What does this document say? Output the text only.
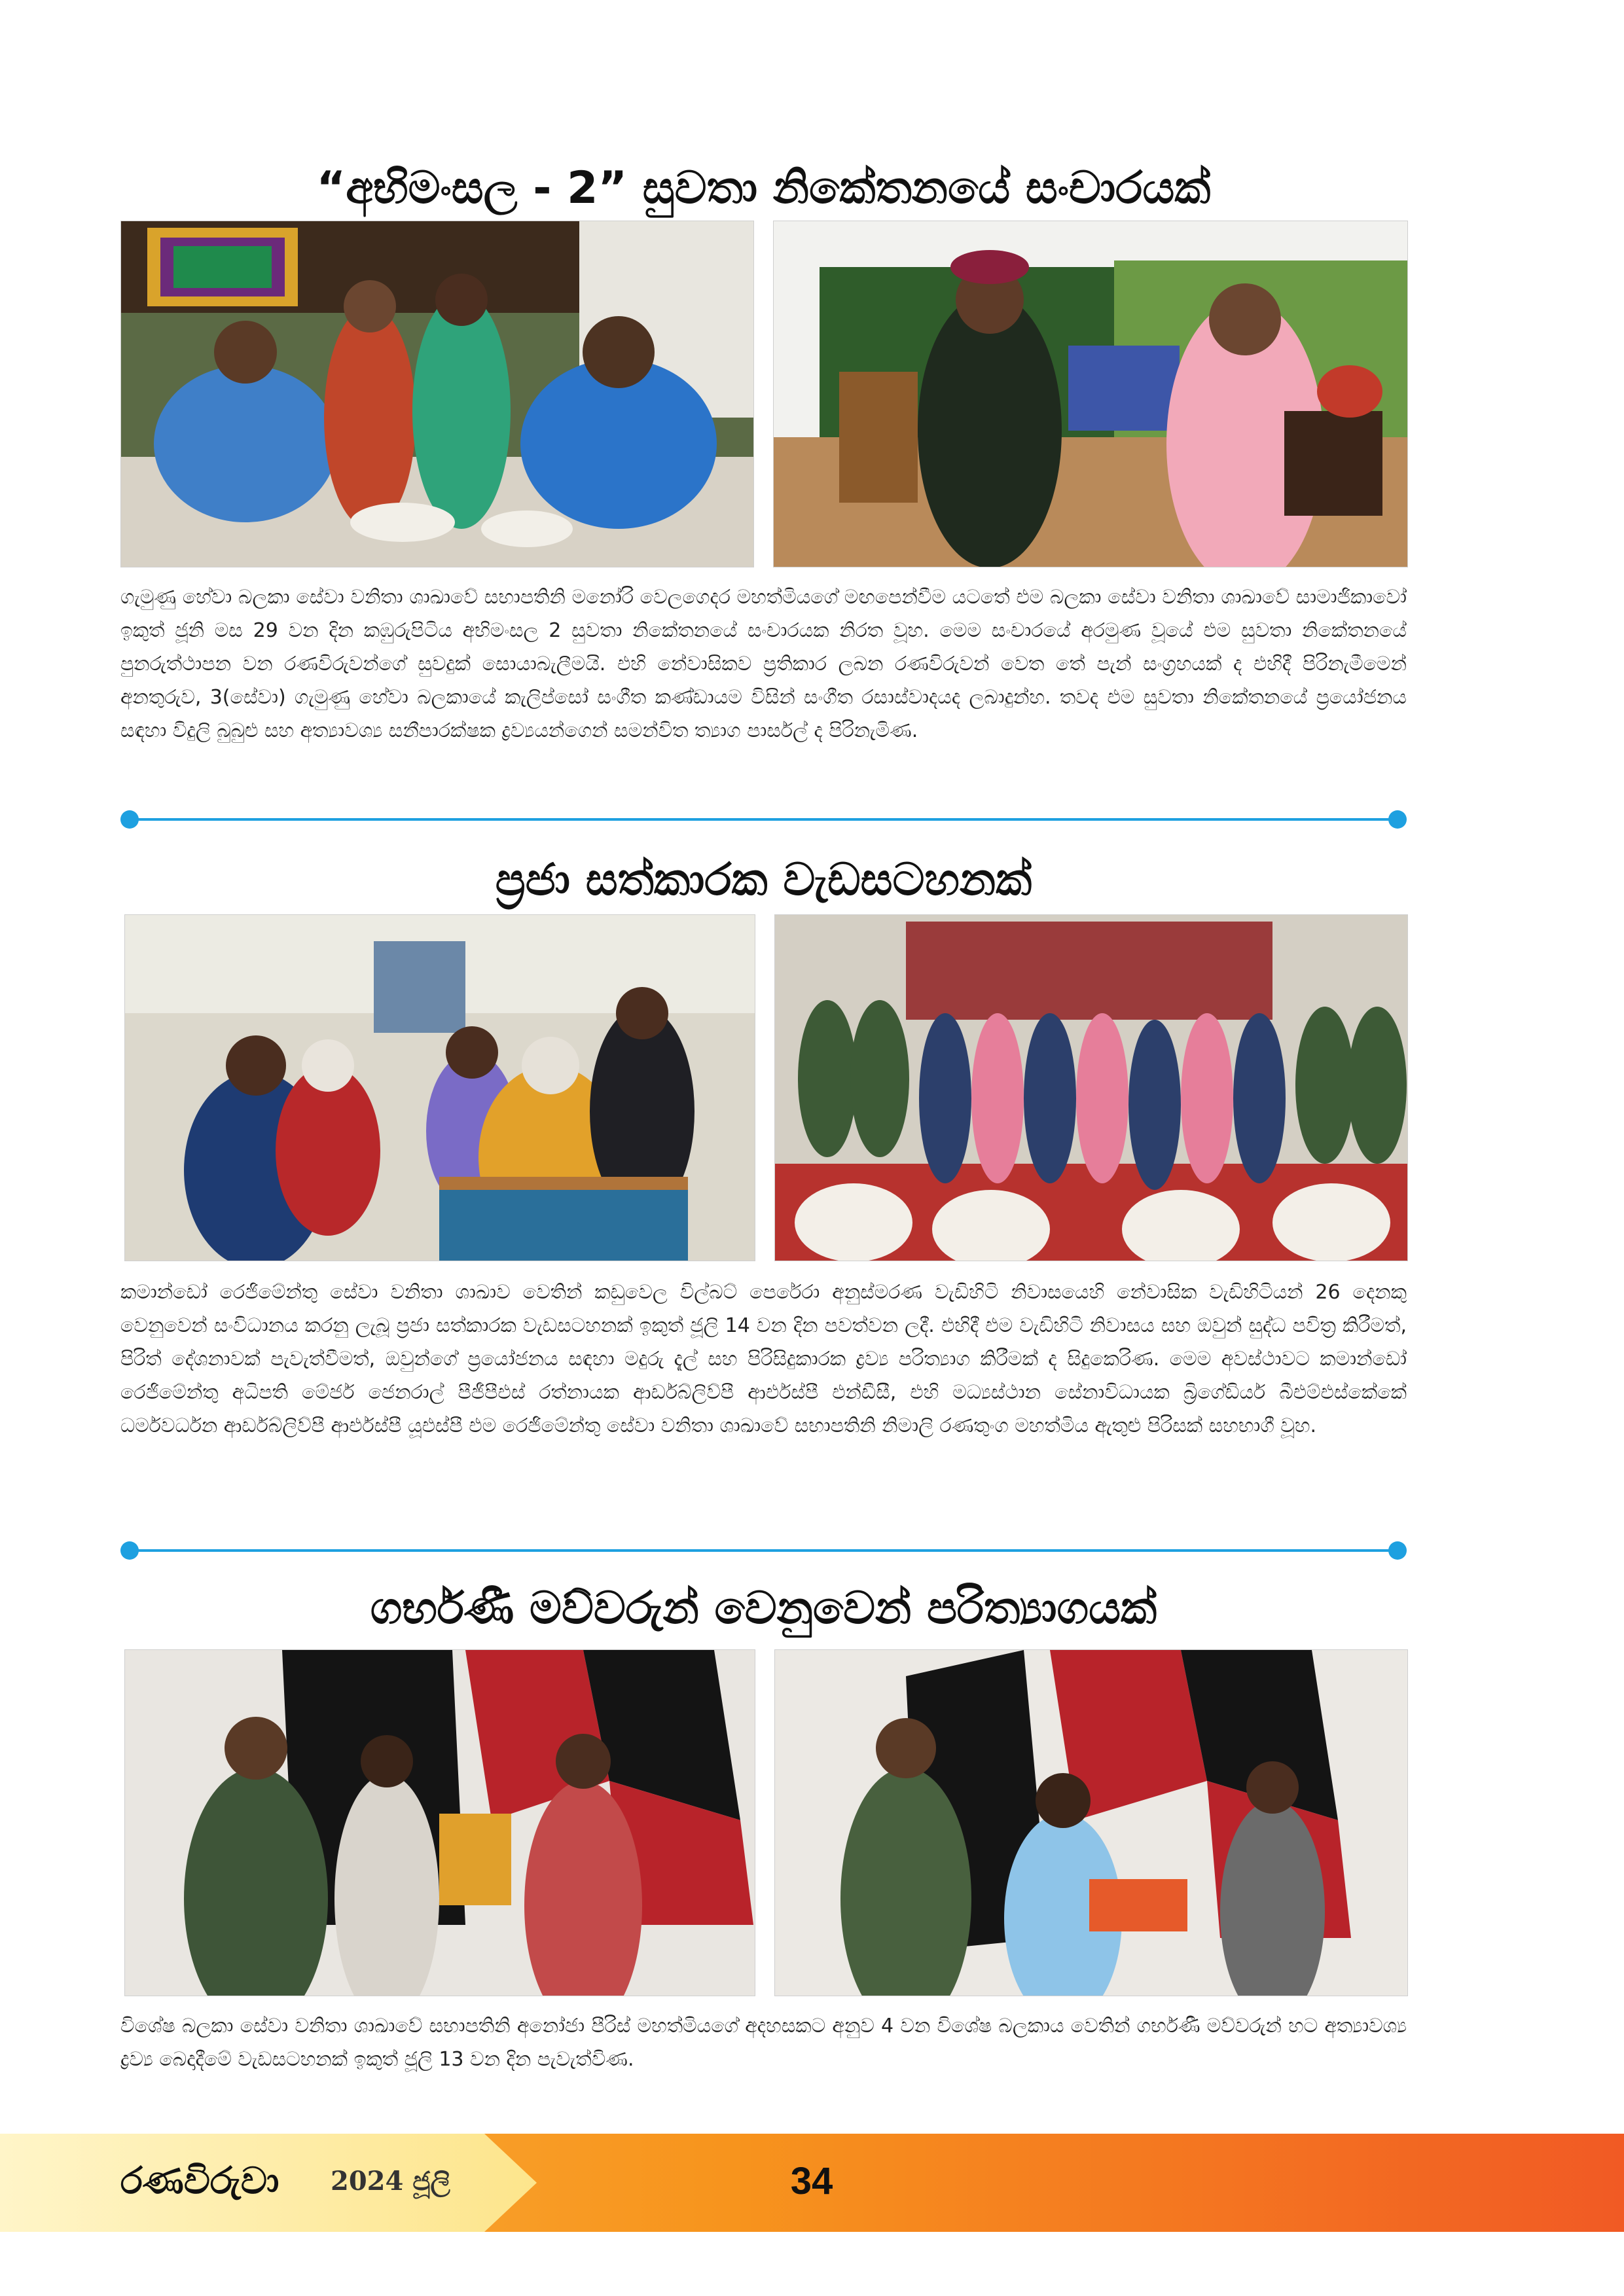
“අභිමංසල - 2” සුවතා නිකේතනයේ සංචාරයක්
ගැමුණු හේවා බලකා සේවා වනිතා ශාඛාවේ සභාපතිනි මනෝරි වෙලගෙදර මහත්මියගේ මඟපෙන්වීම යටතේ එම බලකා සේවා වනිතා ශාඛාවේ සාමාජිකාවෝ ඉකුත් ජූනි මස 29 වන දින කඹුරුපිටිය අභිමංසල 2 සුවතා නිකේතනයේ සංචාරයක නිරත වූහ. මෙම සංචාරයේ අරමුණ වූයේ එම සුවතා නිකේතනයේ පුනරුත්ථාපන වන රණවිරුවන්ගේ සුවදුක් සොයාබැලීමයි. එහි නේවාසිකව ප්‍රතිකාර ලබන රණවිරුවන් වෙත තේ පැන් සංග්‍රහයක් ද එහිදී පිරිනැමීමෙන් අනතුරුව, 3(සේවා) ගැමුණු හේවා බලකායේ කැලිප්සෝ සංගීත කණ්ඩායම විසින් සංගීත රසාස්වාදයද ලබාදුන්හ. තවද එම සුවතා නිකේතනයේ ප්‍රයෝජනය සඳහා විදුලි බුබුළු සහ අත්‍යාවශ්‍ය සනීපාරක්ෂක ද්‍රව්‍යයන්ගෙන් සමන්විත ත්‍යාග පාර්සල් ද පිරිනැමිණ.
ප්‍රජා සත්කාරක වැඩසටහනක්
කමාන්ඩෝ රෙජිමේන්තු සේවා වනිතා ශාඛාව වෙතින් කඩුවෙල විල්බට් පෙරේරා අනුස්මරණ වැඩිහිටි නිවාසයෙහි නේවාසික වැඩිහිටියන් 26 දෙනකු වෙනුවෙන් සංවිධානය කරනු ලැබූ ප්‍රජා සත්කාරක වැඩසටහනක් ඉකුත් ජූලි 14 වන දින පවත්වන ලදී. එහිදී එම වැඩිහිටි නිවාසය සහ ඔවුන් සුද්ධ පවිත්‍ර කිරීමත්, පිරිත් දේශනාවක් පැවැත්වීමත්, ඔවුන්ගේ ප්‍රයෝජනය සඳහා මදුරු දැල් සහ පිරිසිදුකාරක ද්‍රව්‍ය පරිත්‍යාග කිරීමක් ද සිදුකෙරිණ. මෙම අවස්ථාවට කමාන්ඩෝ රෙජිමේන්තු අධිපති මේජර් ජෙනරාල් පීජීපීඑස් රත්නායක ආර්ඩබ්ලිව්පී ආර්එස්පී එන්ඩීසී, එහි මධ්‍යස්ථාන සේනාවිධායක බ්‍රිගේඩියර් බීඑම්එස්කේකේ ධර්මවර්ධන ආර්ඩබ්ලිව්පී ආර්එස්පී යූඑස්පී එම රෙජිමේන්තු සේවා වනිතා ශාඛාවේ සභාපතිනි නිමාලි රණතුංග මහත්මිය ඇතුළු පිරිසක් සහභාගී වූහ.
ගර්භණී මව්වරුන් වෙනුවෙන් පරිත්‍යාගයක්
විශේෂ බලකා සේවා වනිතා ශාඛාවේ සභාපතිනි අනෝජා පීරිස් මහත්මියගේ අදහසකට අනුව 4 වන විශේෂ බලකාය වෙතින් ගර්භණී මව්වරුන් හට අත්‍යාවශ්‍ය ද්‍රව්‍ය බෙදාදීමේ වැඩසටහනක් ඉකුත් ජූලි 13 වන දින පැවැත්විණ.
රණවිරුවා 2024 ජූලි	34
